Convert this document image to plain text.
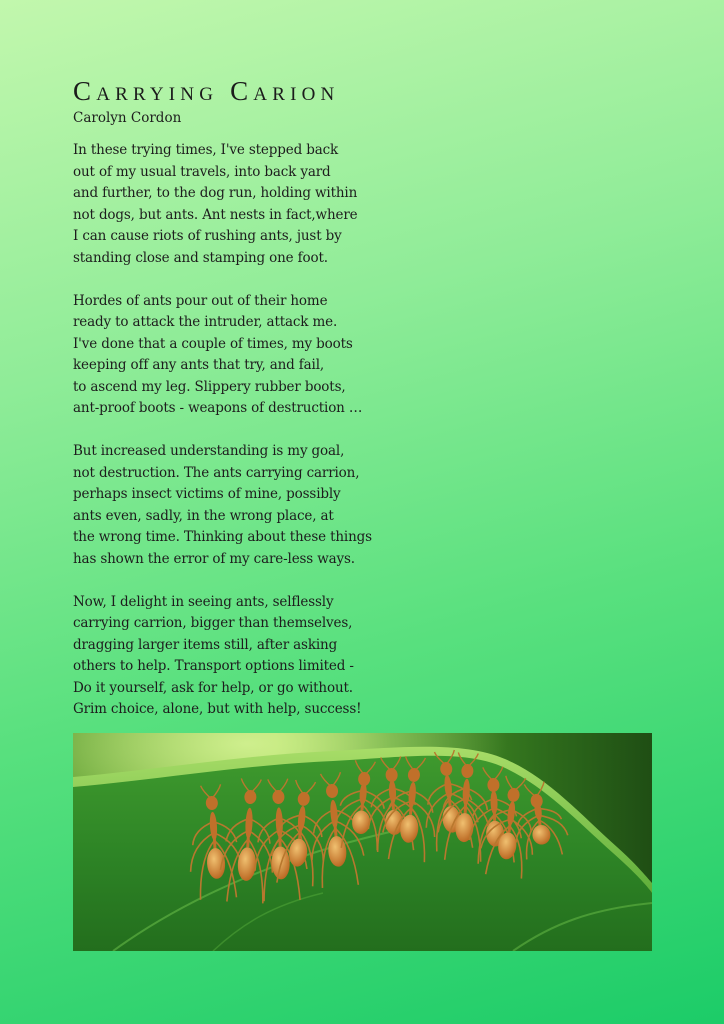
Carrying Carion
Carolyn Cordon
In these trying times, I've stepped back
out of my usual travels, into back yard
and further, to the dog run, holding within
not dogs, but ants. Ant nests in fact,where
I can cause riots of rushing ants, just by
standing close and stamping one foot.
Hordes of ants pour out of their home
ready to attack the intruder, attack me.
I've done that a couple of times, my boots
keeping off any ants that try, and fail,
to ascend my leg. Slippery rubber boots,
ant-proof boots - weapons of destruction …
But increased understanding is my goal,
not destruction. The ants carrying carrion,
perhaps insect victims of mine, possibly
ants even, sadly, in the wrong place, at
the wrong time. Thinking about these things
has shown the error of my care-less ways.
Now, I delight in seeing ants, selflessly
carrying carrion, bigger than themselves,
dragging larger items still, after asking
others to help. Transport options limited -
Do it yourself, ask for help, or go without.
Grim choice, alone, but with help, success!
